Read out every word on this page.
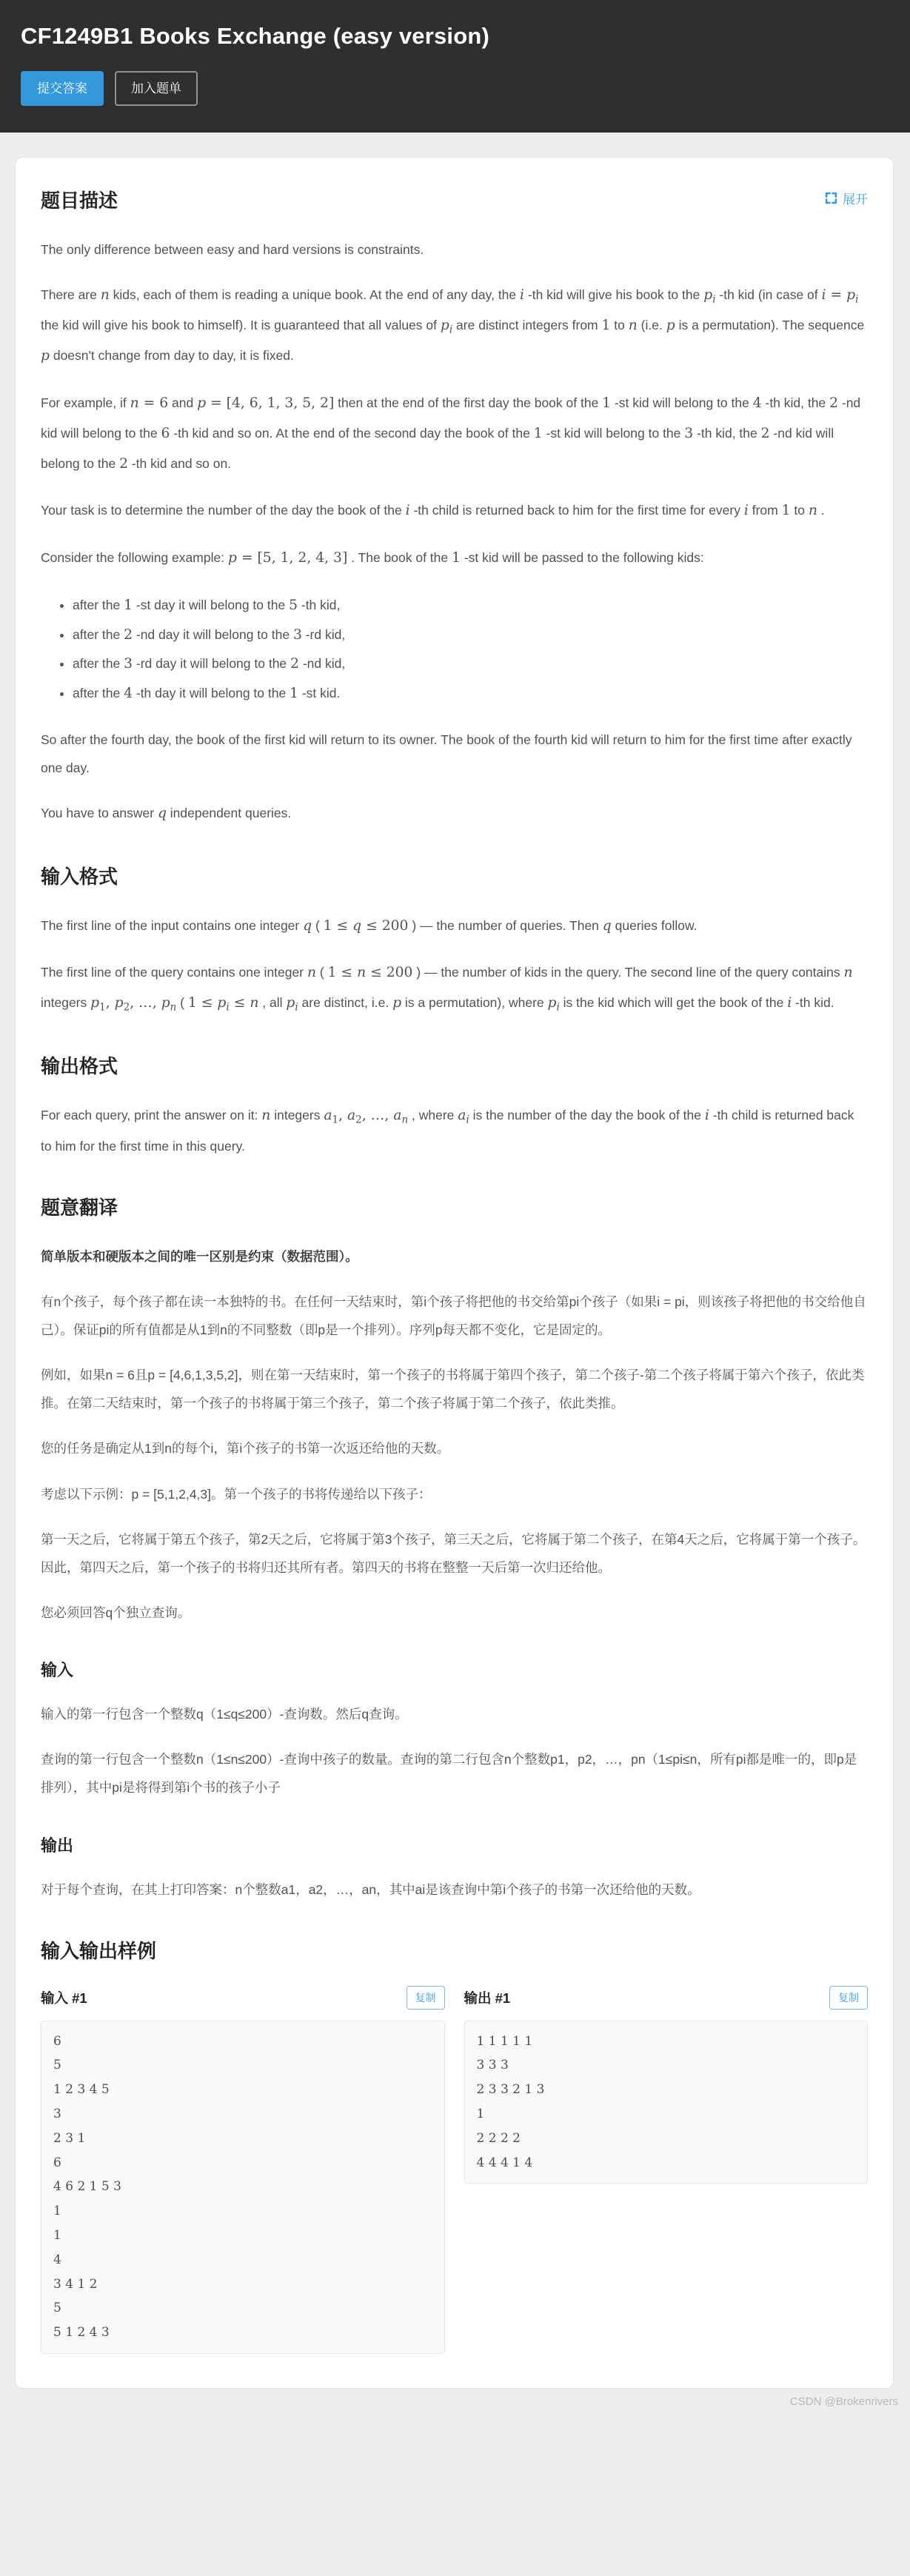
CF1249B1 Books Exchange (easy version)
提交答案	加入题单
展开
题目描述

The only difference between easy and hard versions is constraints.

There are n kids, each of them is reading a unique book. At the end of any day, the i -th kid will give his book to the $p_i$ -th kid (in case of $i = p_i$ the kid will give his book to himself). It is guaranteed that all values of $p_i$ are distinct integers from 1 to n (i.e. p is a permutation). The sequence p doesn't change from day to day, it is fixed.

For example, if n = 6 and p = [4, 6, 1, 3, 5, 2] then at the end of the first day the book of the 1 -st kid will belong to the 4 -th kid, the 2 -nd kid will belong to the 6 -th kid and so on. At the end of the second day the book of the 1 -st kid will belong to the 3 -th kid, the 2 -nd kid will belong to the 2 -th kid and so on.

Your task is to determine the number of the day the book of the i -th child is returned back to him for the first time for every i from 1 to n .

Consider the following example: p = [5, 1, 2, 4, 3] . The book of the 1 -st kid will be passed to the following kids:

• after the 1 -st day it will belong to the 5 -th kid,
• after the 2 -nd day it will belong to the 3 -rd kid,
• after the 3 -rd day it will belong to the 2 -nd kid,
• after the 4 -th day it will belong to the 1 -st kid.

So after the fourth day, the book of the first kid will return to its owner. The book of the fourth kid will return to him for the first time after exactly one day.

You have to answer q independent queries.

输入格式

The first line of the input contains one integer q ( 1 ≤ q ≤ 200 ) — the number of queries. Then q queries follow.

The first line of the query contains one integer n ( 1 ≤ n ≤ 200 ) — the number of kids in the query. The second line of the query contains n integers $p_1$, $p_2$, …, $p_n$ ( $1 \le p_i \le n$ , all $p_i$ are distinct, i.e. p is a permutation), where $p_i$ is the kid which will get the book of the i -th kid.

输出格式

For each query, print the answer on it: n integers $a_1$, $a_2$, …, $a_n$ , where $a_i$ is the number of the day the book of the i -th child is returned back to him for the first time in this query.

题意翻译

简单版本和硬版本之间的唯一区别是约束（数据范围）。

有n个孩子，每个孩子都在读一本独特的书。在任何一天结束时，第i个孩子将把他的书交给第pi个孩子（如果i = pi，则该孩子将把他的书交给他自己）。保证pi的所有值都是从1到n的不同整数（即p是一个排列）。序列p每天都不变化，它是固定的。

例如，如果n = 6且p = [4,6,1,3,5,2]，则在第一天结束时，第一个孩子的书将属于第四个孩子，第二个孩子-第二个孩子将属于第六个孩子，依此类推。在第二天结束时，第一个孩子的书将属于第三个孩子，第二个孩子将属于第二个孩子，依此类推。

您的任务是确定从1到n的每个i，第i个孩子的书第一次返还给他的天数。

考虑以下示例：p = [5,1,2,4,3]。第一个孩子的书将传递给以下孩子：

第一天之后，它将属于第五个孩子，第2天之后，它将属于第3个孩子，第三天之后，它将属于第二个孩子，在第4天之后，它将属于第一个孩子。因此，第四天之后，第一个孩子的书将归还其所有者。第四天的书将在整整一天后第一次归还给他。

您必须回答q个独立查询。

输入

输入的第一行包含一个整数q（1≤q≤200）-查询数。然后q查询。

查询的第一行包含一个整数n（1≤n≤200）-查询中孩子的数量。查询的第二行包含n个整数p1，p2，…，pn（1≤pi≤n，所有pi都是唯一的，即p是排列），其中pi是将得到第i个书的孩子小子

输出

对于每个查询，在其上打印答案：n个整数a1，a2，…，an，其中ai是该查询中第i个孩子的书第一次还给他的天数。

输入输出样例
输入 #1	复制
6
5
1 2 3 4 5
3
2 3 1
6
4 6 2 1 5 3
1
1
4
3 4 1 2
5
5 1 2 4 3
输出 #1	复制
1 1 1 1 1
3 3 3
2 3 3 2 1 3
1
2 2 2 2
4 4 4 1 4
CSDN @Brokenrivers
